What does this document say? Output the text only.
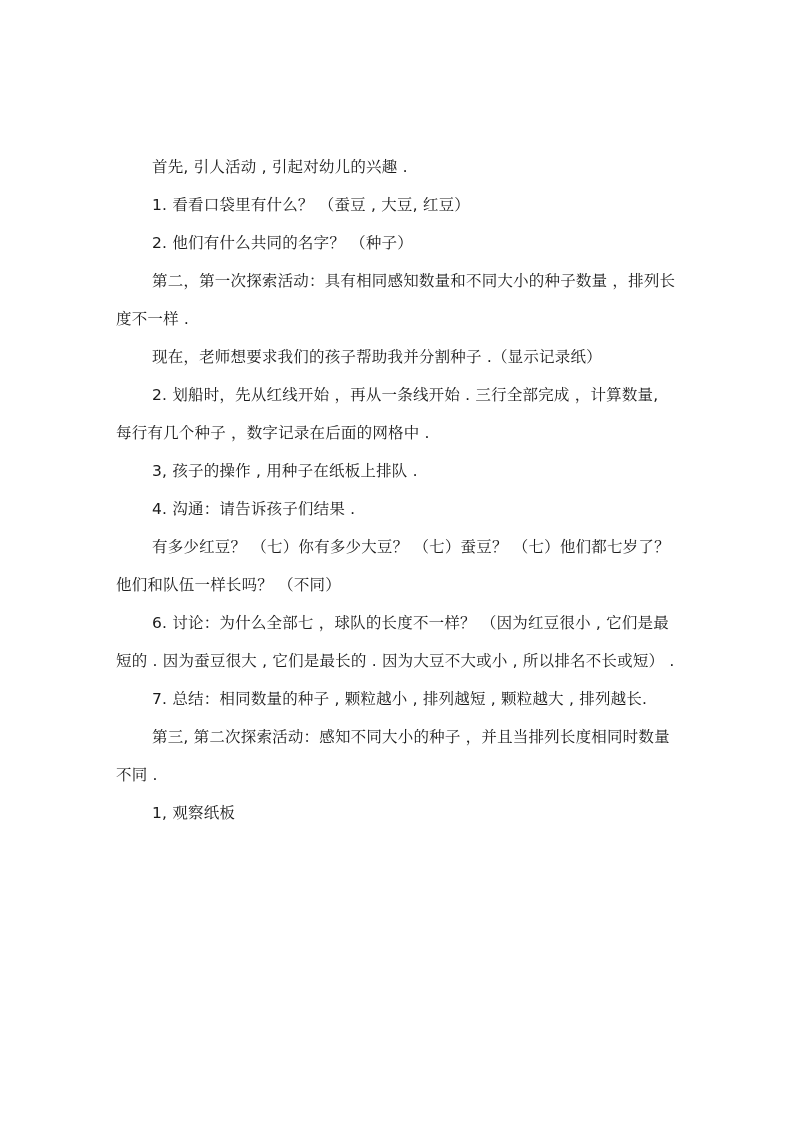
首先, 引人活动 , 引起对幼儿的兴趣 .

1. 看看口袋里有什么？ （蚕豆 , 大豆, 红豆）

2. 他们有什么共同的名字？ （种子）

第二，第一次探索活动：具有相同感知数量和不同大小的种子数量 ，排列长度不一样 .

现在，老师想要求我们的孩子帮助我并分割种子 .（显示记录纸）

2. 划船时，先从红线开始 ，再从一条线开始 . 三行全部完成 ，计算数量, 每行有几个种子 ，数字记录在后面的网格中 .

3, 孩子的操作 , 用种子在纸板上排队 .

4. 沟通：请告诉孩子们结果 .

有多少红豆？ （七）你有多少大豆？ （七）蚕豆？ （七）他们都七岁了？他们和队伍一样长吗？ （不同）

6. 讨论：为什么全部七 ，球队的长度不一样？ （因为红豆很小 , 它们是最短的 . 因为蚕豆很大 , 它们是最长的 . 因为大豆不大或小 , 所以排名不长或短） .

7. 总结：相同数量的种子 , 颗粒越小 , 排列越短 , 颗粒越大 , 排列越长.

第三, 第二次探索活动：感知不同大小的种子 ，并且当排列长度相同时数量不同 .

1, 观察纸板
